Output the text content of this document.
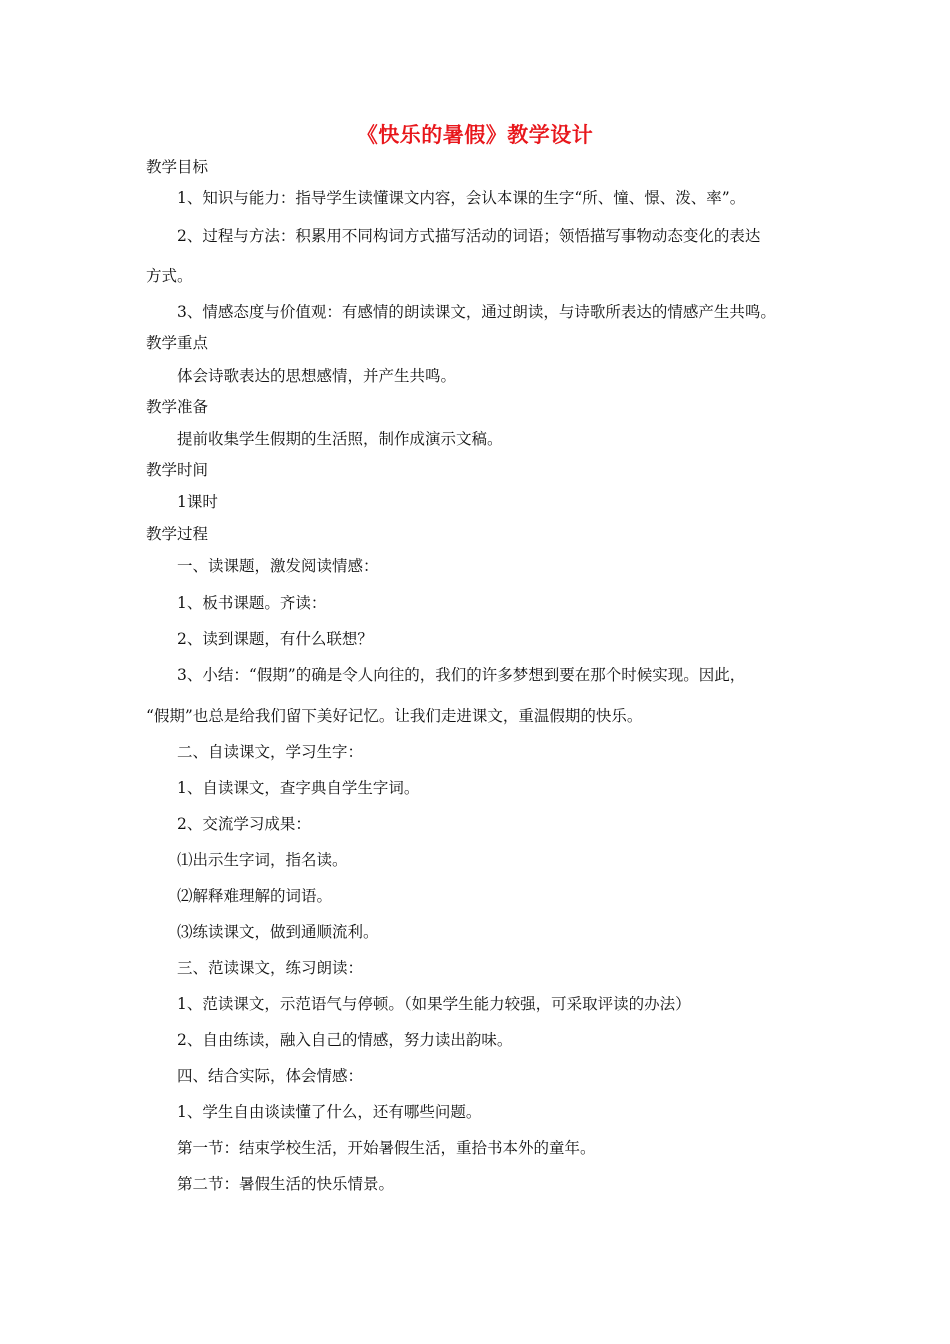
《快乐的暑假》教学设计
教学目标
1、知识与能力：指导学生读懂课文内容，会认本课的生字“所、憧、憬、泼、率”。
2、过程与方法：积累用不同构词方式描写活动的词语；领悟描写事物动态变化的表达
方式。
3、情感态度与价值观：有感情的朗读课文，通过朗读，与诗歌所表达的情感产生共鸣。
教学重点
体会诗歌表达的思想感情，并产生共鸣。
教学准备
提前收集学生假期的生活照，制作成演示文稿。
教学时间
1课时
教学过程
一、读课题，激发阅读情感：
1、板书课题。齐读：
2、读到课题，有什么联想？
3、小结：“假期”的确是令人向往的，我们的许多梦想到要在那个时候实现。因此，
“假期”也总是给我们留下美好记忆。让我们走进课文，重温假期的快乐。
二、自读课文，学习生字：
1、自读课文，查字典自学生字词。
2、交流学习成果：
⑴出示生字词，指名读。
⑵解释难理解的词语。
⑶练读课文，做到通顺流利。
三、范读课文，练习朗读：
1、范读课文，示范语气与停顿。（如果学生能力较强，可采取评读的办法）
2、自由练读，融入自己的情感，努力读出韵味。
四、结合实际，体会情感：
1、学生自由谈读懂了什么，还有哪些问题。
第一节：结束学校生活，开始暑假生活，重拾书本外的童年。
第二节：暑假生活的快乐情景。
